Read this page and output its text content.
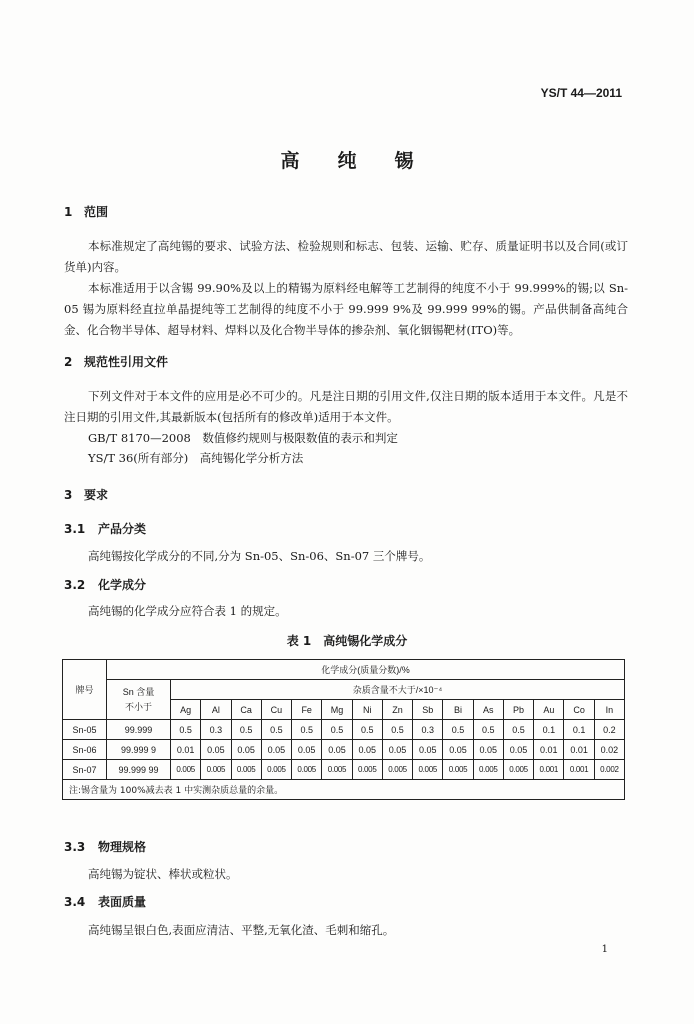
YS/T 44—2011
高纯锡
1 范围

本标准规定了高纯锡的要求、试验方法、检验规则和标志、包装、运输、贮存、质量证明书以及合同(或订货单)内容。

本标准适用于以含锡 99.90%及以上的精锡为原料经电解等工艺制得的纯度不小于 99.999%的锡;以 Sn-05 锡为原料经直拉单晶提纯等工艺制得的纯度不小于 99.999 9%及 99.999 99%的锡。产品供制备高纯合金、化合物半导体、超导材料、焊料以及化合物半导体的掺杂剂、氧化铟锡靶材(ITO)等。

2 规范性引用文件

下列文件对于本文件的应用是必不可少的。凡是注日期的引用文件,仅注日期的版本适用于本文件。凡是不注日期的引用文件,其最新版本(包括所有的修改单)适用于本文件。

GB/T 8170—2008　数值修约规则与极限数值的表示和判定
YS/T 36(所有部分)　高纯锡化学分析方法
3 要求
3.1 产品分类
高纯锡按化学成分的不同,分为 Sn-05、Sn-06、Sn-07 三个牌号。
3.2 化学成分
高纯锡的化学成分应符合表 1 的规定。
表 1　高纯锡化学成分
牌号	化学成分(质量分数)/%															

	Sn 含量
不小于	杂质含量不大于/×10⁻⁴														
		Ag	Al	Ca	Cu	Fe	Mg	Ni	Zn	Sb	Bi	As	Pb	Au	Co	In
Sn-05	99.999	0.5	0.3	0.5	0.5	0.5	0.5	0.5	0.5	0.3	0.5	0.5	0.5	0.1	0.1	0.2
Sn-06	99.999 9	0.01	0.05	0.05	0.05	0.05	0.05	0.05	0.05	0.05	0.05	0.05	0.05	0.01	0.01	0.02
Sn-07	99.999 99	0.005	0.005	0.005	0.005	0.005	0.005	0.005	0.005	0.005	0.005	0.005	0.005	0.001	0.001	0.002
注:锡含量为 100%减去表 1 中实测杂质总量的余量。																
3.3 物理规格
高纯锡为锭状、棒状或粒状。
3.4 表面质量
高纯锡呈银白色,表面应清洁、平整,无氧化渣、毛刺和缩孔。
1
